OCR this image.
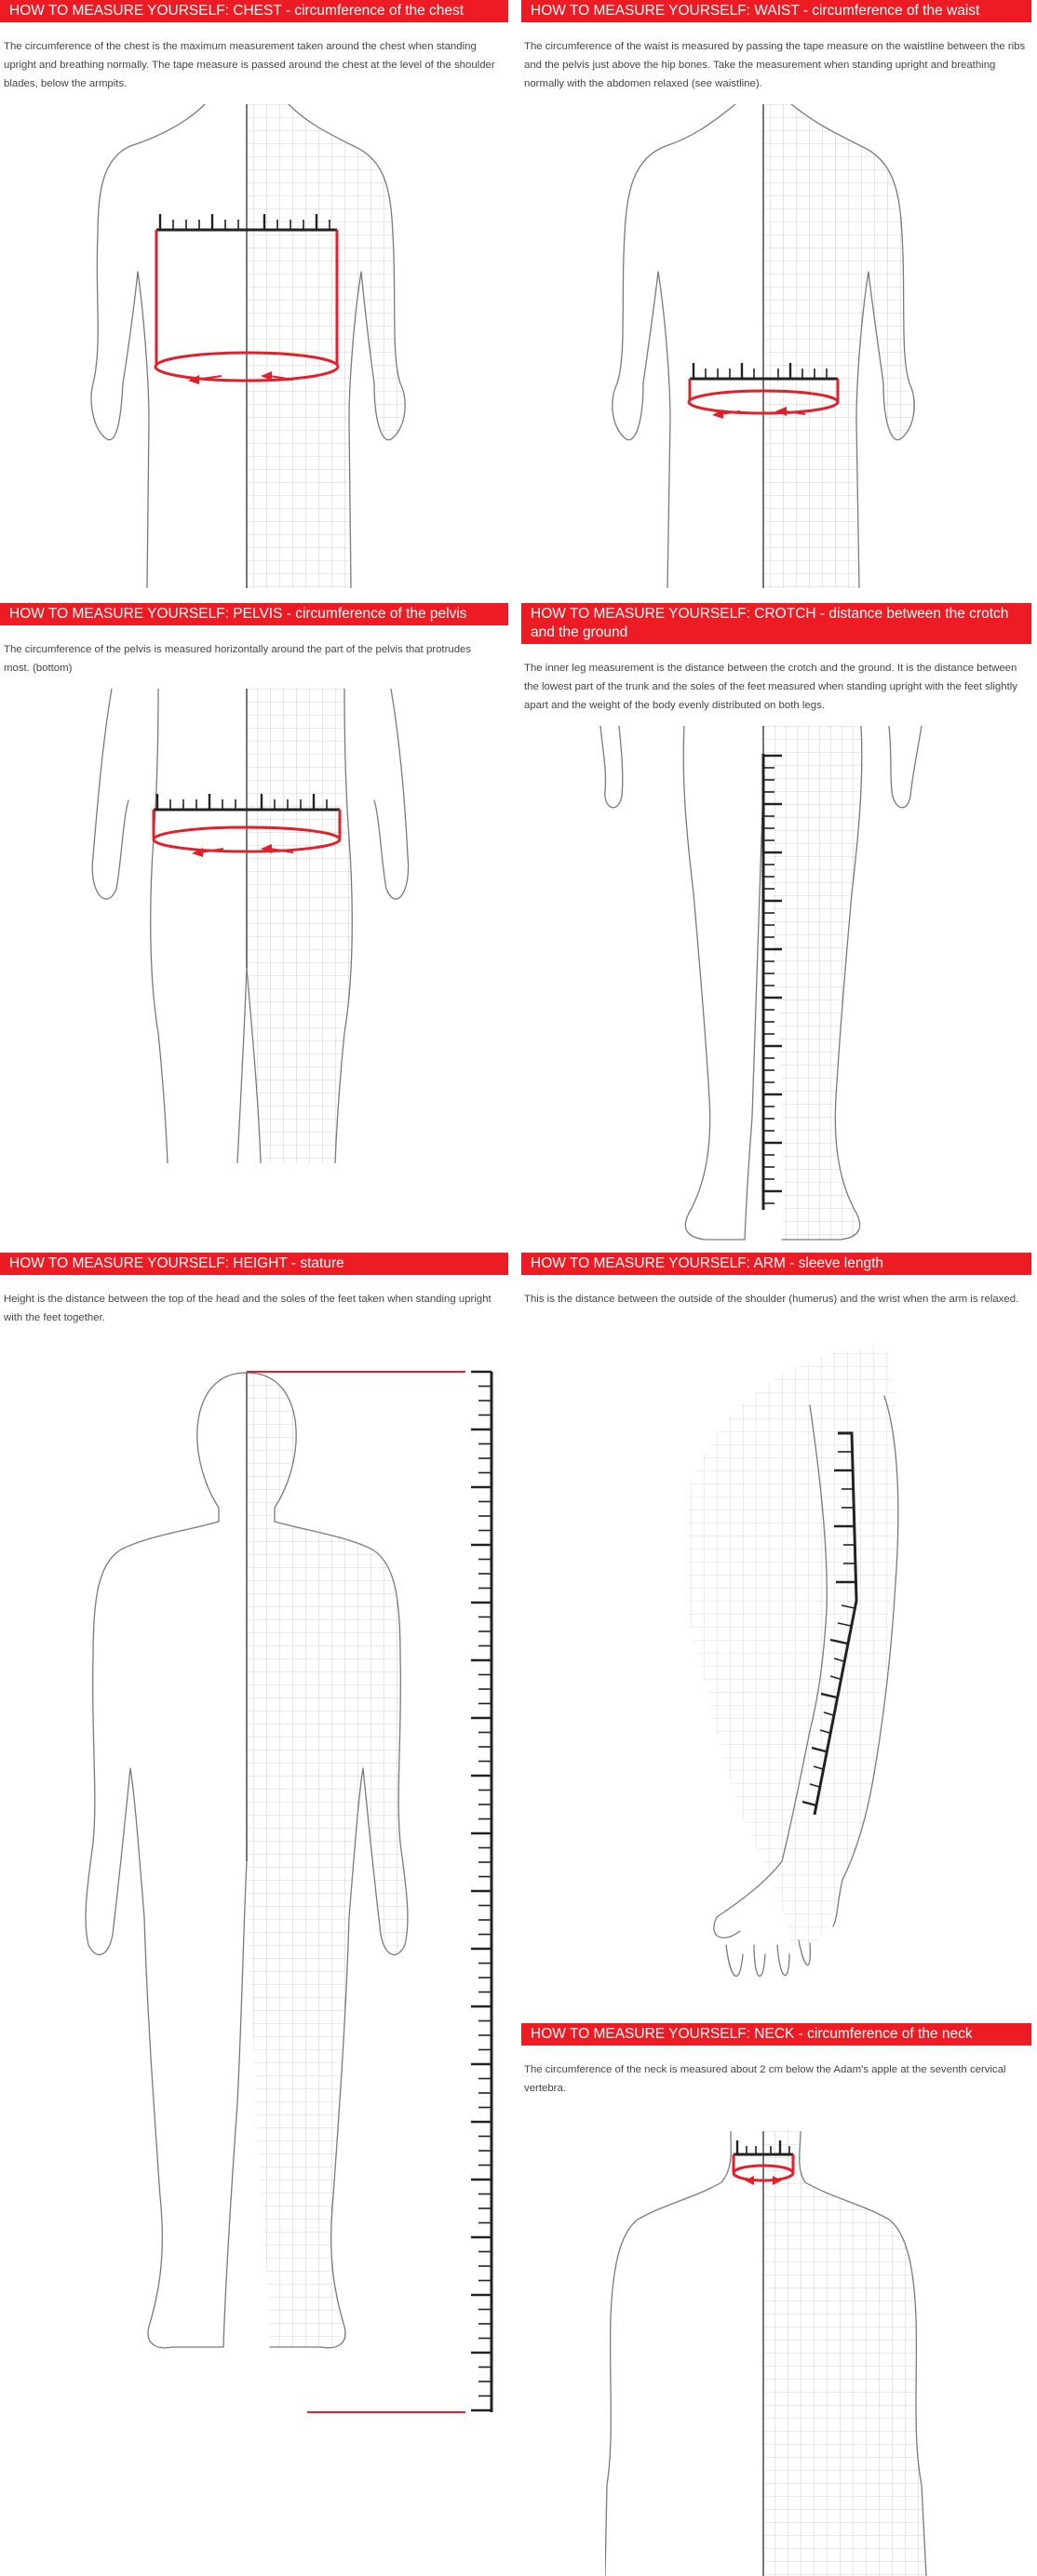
HOW TO MEASURE YOURSELF: CHEST - circumference of the chest

The circumference of the chest is the maximum measurement taken around the chest when standing upright and breathing normally. The tape measure is passed around the chest at the level of the shoulder blades, below the armpits.

HOW TO MEASURE YOURSELF: WAIST - circumference of the waist

The circumference of the waist is measured by passing the tape measure on the waistline between the ribs and the pelvis just above the hip bones. Take the measurement when standing upright and breathing normally with the abdomen relaxed (see waistline).

HOW TO MEASURE YOURSELF: PELVIS - circumference of the pelvis

The circumference of the pelvis is measured horizontally around the part of the pelvis that protrudes most. (bottom)

HOW TO MEASURE YOURSELF: CROTCH - distance between the crotch and the ground

The inner leg measurement is the distance between the crotch and the ground. It is the distance between the lowest part of the trunk and the soles of the feet measured when standing upright with the feet slightly apart and the weight of the body evenly distributed on both legs.

HOW TO MEASURE YOURSELF: HEIGHT - stature

Height is the distance between the top of the head and the soles of the feet taken when standing upright with the feet together.

HOW TO MEASURE YOURSELF: ARM - sleeve length

This is the distance between the outside of the shoulder (humerus) and the wrist when the arm is relaxed.

HOW TO MEASURE YOURSELF: NECK - circumference of the neck

The circumference of the neck is measured about 2 cm below the Adam's apple at the seventh cervical vertebra.
